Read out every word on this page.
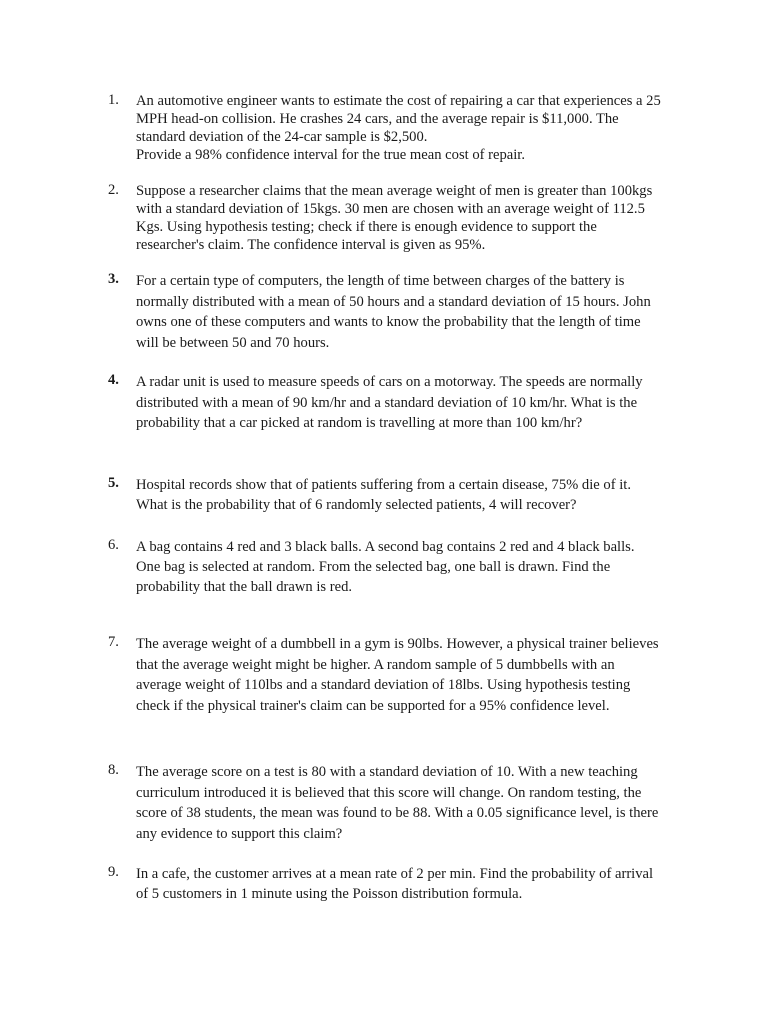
1.	An automotive engineer wants to estimate the cost of repairing a car that experiences a 25
MPH head-on collision. He crashes 24 cars, and the average repair is $11,000. The
standard deviation of the 24-car sample is $2,500.
Provide a 98% confidence interval for the true mean cost of repair.
2.	Suppose a researcher claims that the mean average weight of men is greater than 100kgs
with a standard deviation of 15kgs. 30 men are chosen with an average weight of 112.5
Kgs. Using hypothesis testing; check if there is enough evidence to support the
researcher's claim. The confidence interval is given as 95%.
3.	For a certain type of computers, the length of time between charges of the battery is
normally distributed with a mean of 50 hours and a standard deviation of 15 hours. John
owns one of these computers and wants to know the probability that the length of time
will be between 50 and 70 hours.
4.	A radar unit is used to measure speeds of cars on a motorway. The speeds are normally
distributed with a mean of 90 km/hr and a standard deviation of 10 km/hr. What is the
probability that a car picked at random is travelling at more than 100 km/hr?
5.	Hospital records show that of patients suffering from a certain disease, 75% die of it.
What is the probability that of 6 randomly selected patients, 4 will recover?
6.	A bag contains 4 red and 3 black balls. A second bag contains 2 red and 4 black balls.
One bag is selected at random. From the selected bag, one ball is drawn. Find the
probability that the ball drawn is red.
7.	The average weight of a dumbbell in a gym is 90lbs. However, a physical trainer believes
that the average weight might be higher. A random sample of 5 dumbbells with an
average weight of 110lbs and a standard deviation of 18lbs. Using hypothesis testing
check if the physical trainer's claim can be supported for a 95% confidence level.
8.	The average score on a test is 80 with a standard deviation of 10. With a new teaching
curriculum introduced it is believed that this score will change. On random testing, the
score of 38 students, the mean was found to be 88. With a 0.05 significance level, is there
any evidence to support this claim?
9.	In a cafe, the customer arrives at a mean rate of 2 per min. Find the probability of arrival
of 5 customers in 1 minute using the Poisson distribution formula.
